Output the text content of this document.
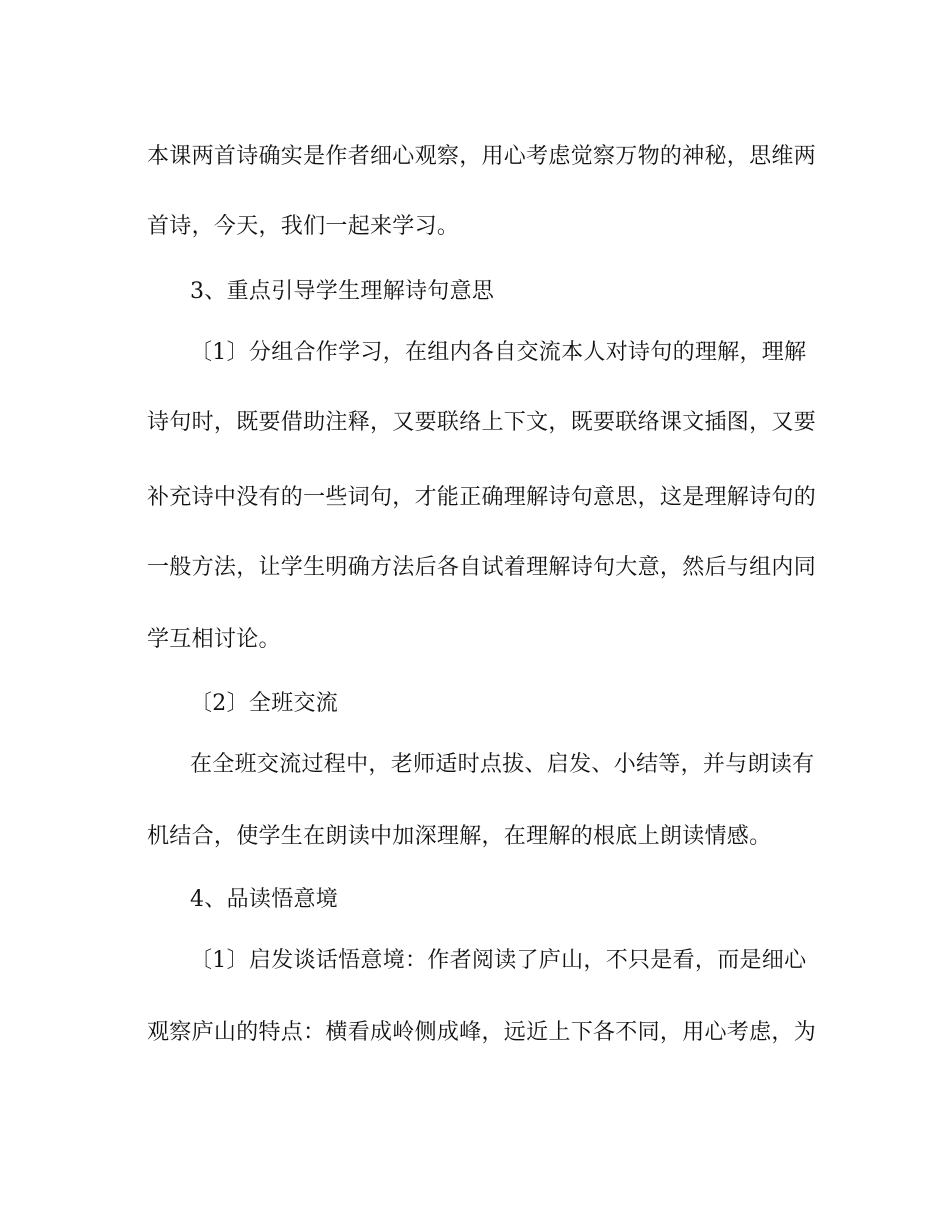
本课两首诗确实是作者细心观察，用心考虑觉察万物的神秘，思维两
首诗，今天，我们一起来学习。
3、重点引导学生理解诗句意思
〔1〕分组合作学习，在组内各自交流本人对诗句的理解，理解
诗句时，既要借助注释，又要联络上下文，既要联络课文插图，又要
补充诗中没有的一些词句，才能正确理解诗句意思，这是理解诗句的
一般方法，让学生明确方法后各自试着理解诗句大意，然后与组内同
学互相讨论。
〔2〕全班交流
在全班交流过程中，老师适时点拔、启发、小结等，并与朗读有
机结合，使学生在朗读中加深理解，在理解的根底上朗读情感。
4、品读悟意境
〔1〕启发谈话悟意境：作者阅读了庐山，不只是看，而是细心
观察庐山的特点：横看成岭侧成峰，远近上下各不同，用心考虑，为
